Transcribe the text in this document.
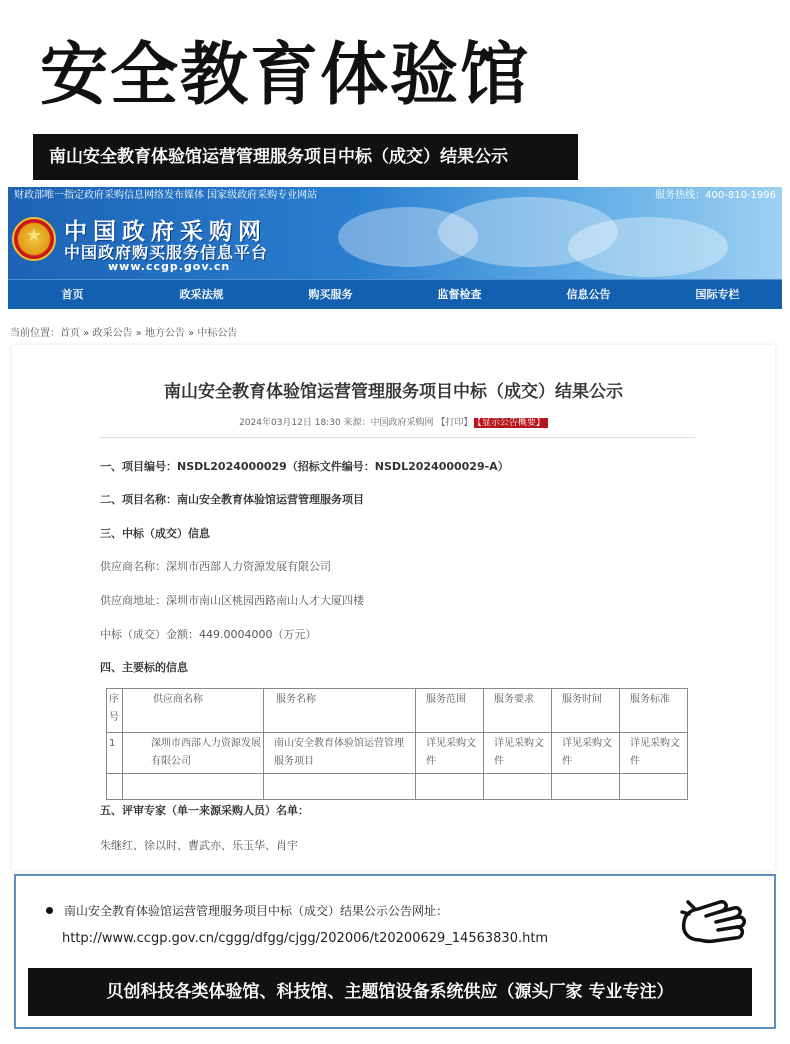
安全教育体验馆
南山安全教育体验馆运营管理服务项目中标（成交）结果公示
财政部唯一指定政府采购信息网络发布媒体 国家级政府采购专业网站	服务热线：400-810-1996
★
中国政府采购网
中国政府购买服务信息平台
www.ccgp.gov.cn
首页	政采法规	购买服务	监督检查	信息公告	国际专栏
当前位置：首页 » 政采公告 » 地方公告 » 中标公告
南山安全教育体验馆运营管理服务项目中标（成交）结果公示
2024年03月12日 18:30 来源：中国政府采购网 【打印】 【显示公告概要】
一、项目编号：NSDL2024000029（招标文件编号：NSDL2024000029-A）
二、项目名称：南山安全教育体验馆运营管理服务项目
三、中标（成交）信息
供应商名称：深圳市西部人力资源发展有限公司
供应商地址：深圳市南山区桃园西路南山人才大厦四楼
中标（成交）金额：449.0004000（万元）
四、主要标的信息
序号	供应商名称	服务名称	服务范围	服务要求	服务时间	服务标准
1	深圳市西部人力资源发展有限公司	南山安全教育体验馆运营管理服务项目	详见采购文件	详见采购文件	详见采购文件	详见采购文件

五、评审专家（单一来源采购人员）名单：
朱继红、徐以时、曹武亦、乐玉华、肖宇
南山安全教育体验馆运营管理服务项目中标（成交）结果公示公告网址：
http://www.ccgp.gov.cn/cggg/dfgg/cjgg/202006/t20200629_14563830.htm
贝创科技各类体验馆、科技馆、主题馆设备系统供应（源头厂家 专业专注）
